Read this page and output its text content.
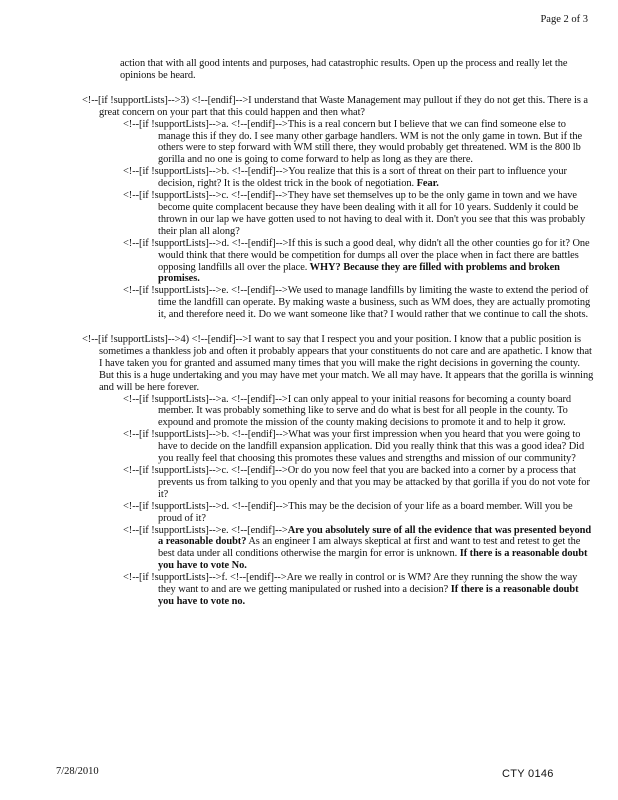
Page 2 of 3

action that with all good intents and purposes, had catastrophic results. Open up the process and really let the opinions be heard.

<!--[if !supportLists]-->3) <!--[endif]-->I understand that Waste Management may pullout if they do not get this. There is a great concern on your part that this could happen and then what?

<!--[if !supportLists]-->a. <!--[endif]-->This is a real concern but I believe that we can find someone else to manage this if they do. I see many other garbage handlers. WM is not the only game in town. But if the others were to step forward with WM still there, they would probably get threatened. WM is the 800 lb gorilla and no one is going to come forward to help as long as they are there.

<!--[if !supportLists]-->b. <!--[endif]-->You realize that this is a sort of threat on their part to influence your decision, right? It is the oldest trick in the book of negotiation. Fear.

<!--[if !supportLists]-->c. <!--[endif]-->They have set themselves up to be the only game in town and we have become quite complacent because they have been dealing with it all for 10 years. Suddenly it could be thrown in our lap we have gotten used to not having to deal with it. Don't you see that this was probably their plan all along?

<!--[if !supportLists]-->d. <!--[endif]-->If this is such a good deal, why didn't all the other counties go for it? One would think that there would be competition for dumps all over the place when in fact there are battles opposing landfills all over the place. WHY? Because they are filled with problems and broken promises.

<!--[if !supportLists]-->e. <!--[endif]-->We used to manage landfills by limiting the waste to extend the period of time the landfill can operate. By making waste a business, such as WM does, they are actually promoting it, and therefore need it. Do we want someone like that? I would rather that we continue to call the shots.

<!--[if !supportLists]-->4) <!--[endif]-->I want to say that I respect you and your position. I know that a public position is sometimes a thankless job and often it probably appears that your constituents do not care and are apathetic. I know that I have taken you for granted and assumed many times that you will make the right decisions in governing the county. But this is a huge undertaking and you may have met your match. We all may have. It appears that the gorilla is winning and will be here forever.

<!--[if !supportLists]-->a. <!--[endif]-->I can only appeal to your initial reasons for becoming a county board member. It was probably something like to serve and do what is best for all people in the county. To expound and promote the mission of the county making decisions to promote it and to help it grow.

<!--[if !supportLists]-->b. <!--[endif]-->What was your first impression when you heard that you were going to have to decide on the landfill expansion application. Did you really think that this was a good idea? Did you really feel that choosing this promotes these values and strengths and mission of our community?

<!--[if !supportLists]-->c. <!--[endif]-->Or do you now feel that you are backed into a corner by a process that prevents us from talking to you openly and that you may be attacked by that gorilla if you do not vote for it?

<!--[if !supportLists]-->d. <!--[endif]-->This may be the decision of your life as a board member. Will you be proud of it?

<!--[if !supportLists]-->e. <!--[endif]-->Are you absolutely sure of all the evidence that was presented beyond a reasonable doubt? As an engineer I am always skeptical at first and want to test and retest to get the best data under all conditions otherwise the margin for error is unknown. If there is a reasonable doubt you have to vote No.

<!--[if !supportLists]-->f. <!--[endif]-->Are we really in control or is WM? Are they running the show the way they want to and are we getting manipulated or rushed into a decision? If there is a reasonable doubt you have to vote no.

7/28/2010	CTY 0146
